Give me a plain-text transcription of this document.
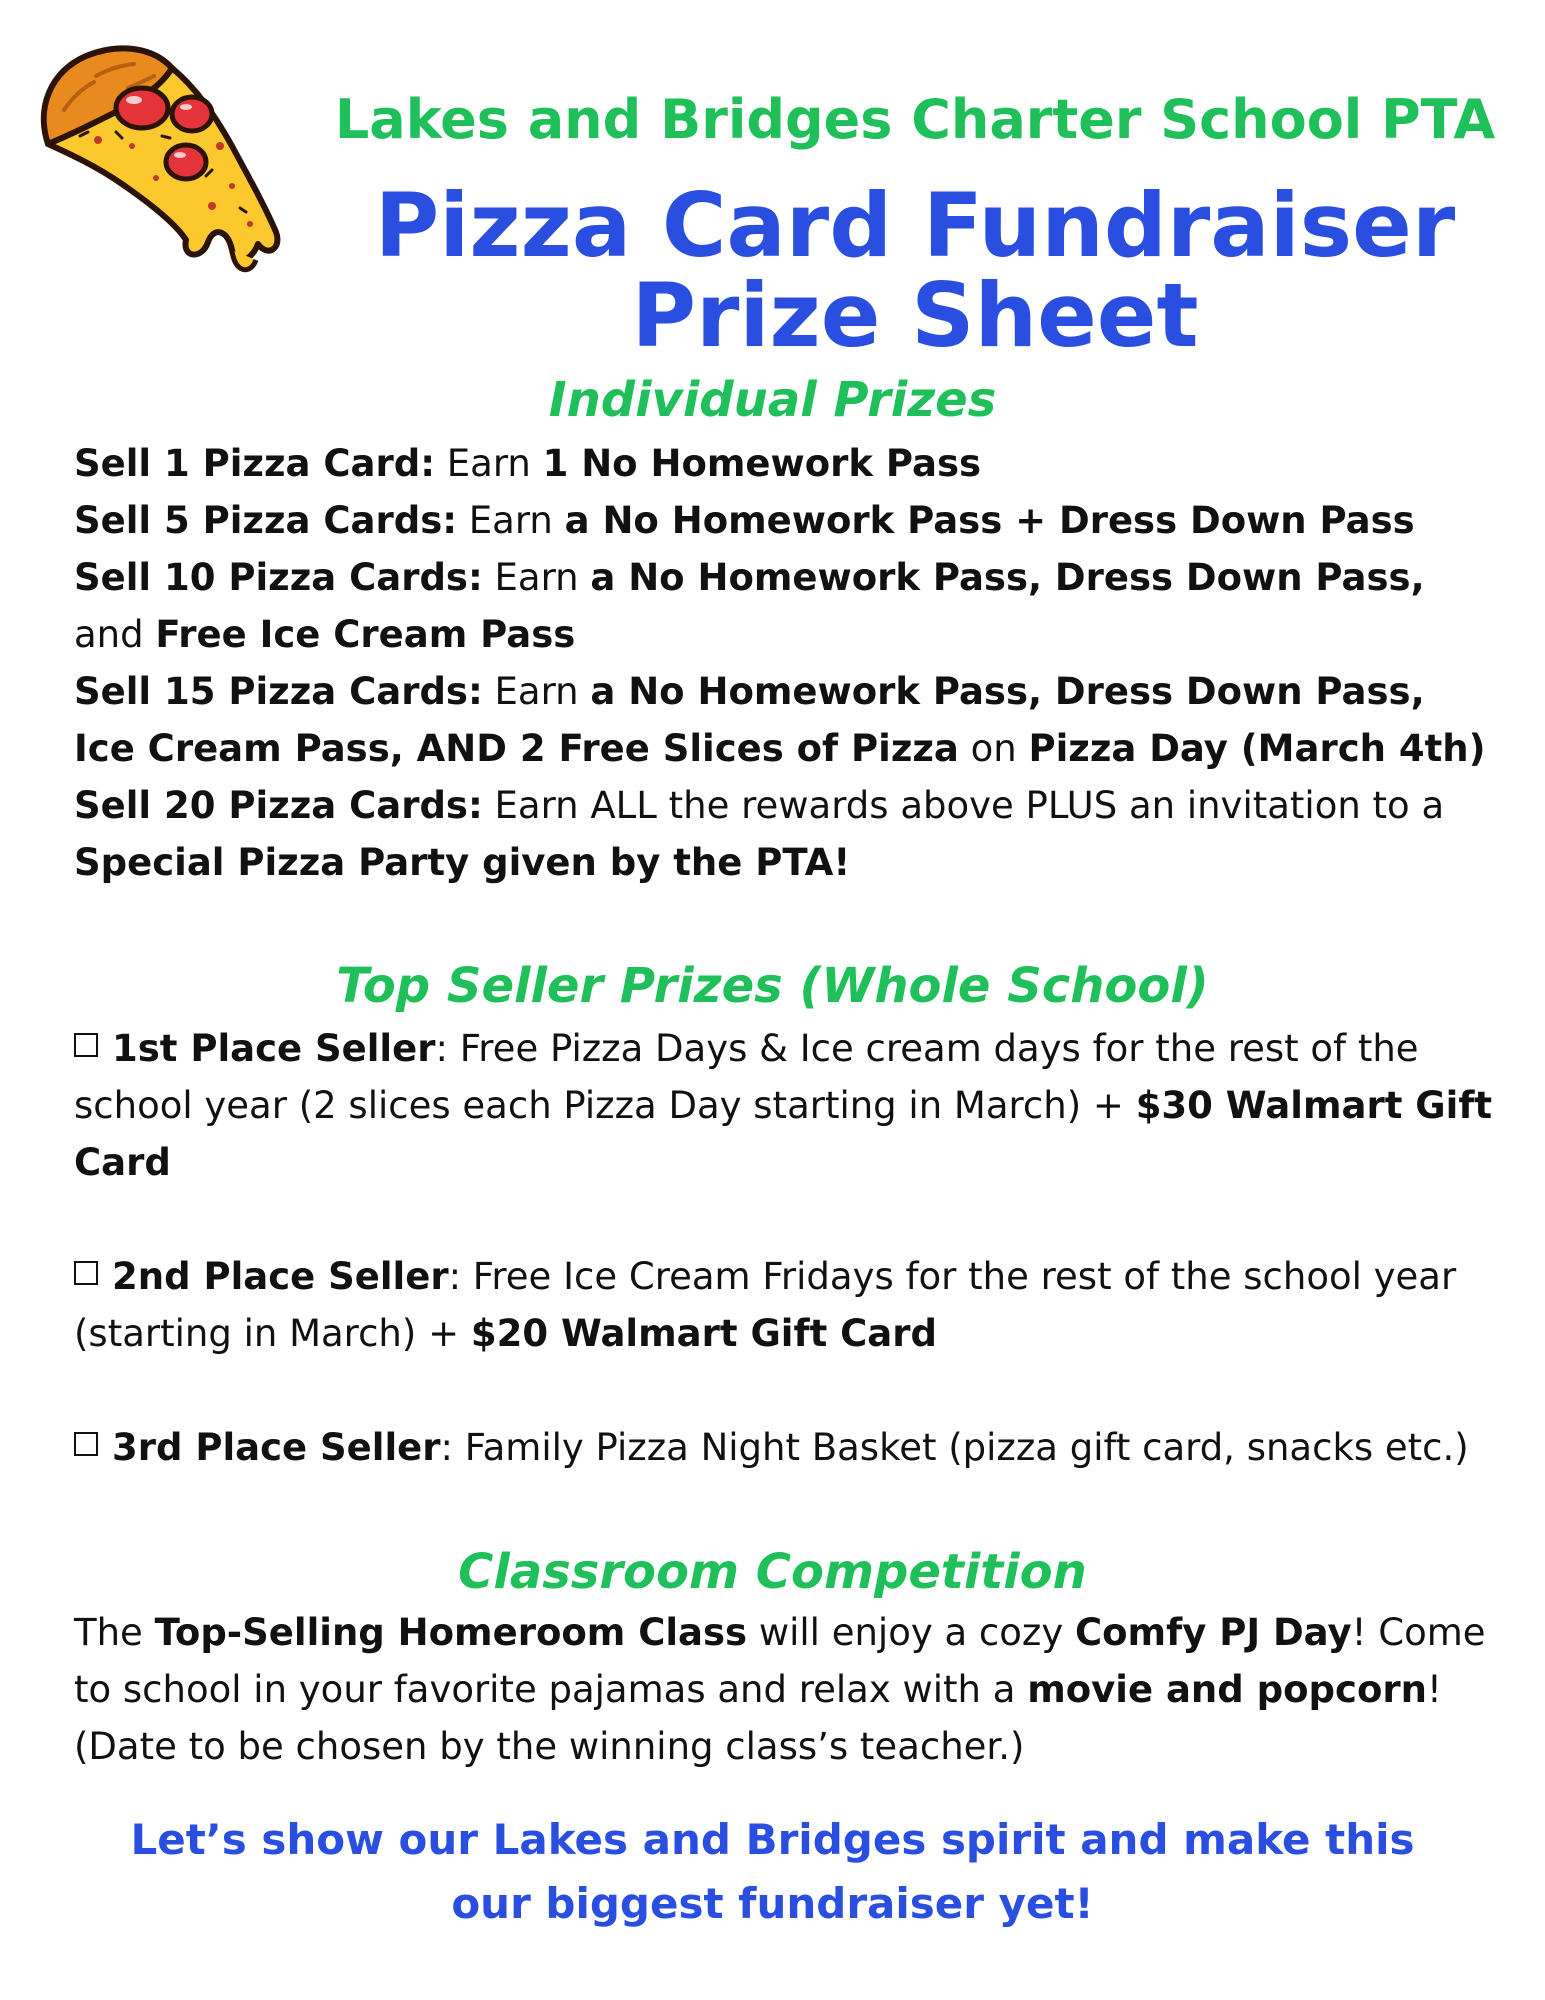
Lakes and Bridges Charter School PTA
Pizza Card Fundraiser
Prize Sheet
Individual Prizes

Sell 1 Pizza Card: Earn 1 No Homework Pass

Sell 5 Pizza Cards: Earn a No Homework Pass + Dress Down Pass

Sell 10 Pizza Cards: Earn a No Homework Pass, Dress Down Pass, and Free Ice Cream Pass

Sell 15 Pizza Cards: Earn a No Homework Pass, Dress Down Pass, Ice Cream Pass, AND 2 Free Slices of Pizza on Pizza Day (March 4th)

Sell 20 Pizza Cards: Earn ALL the rewards above PLUS an invitation to a Special Pizza Party given by the PTA!

Top Seller Prizes (Whole School)

1st Place Seller: Free Pizza Days & Ice cream days for the rest of the school year (2 slices each Pizza Day starting in March) + $30 Walmart Gift Card

2nd Place Seller: Free Ice Cream Fridays for the rest of the school year (starting in March) + $20 Walmart Gift Card

3rd Place Seller: Family Pizza Night Basket (pizza gift card, snacks etc.)

Classroom Competition

The Top-Selling Homeroom Class will enjoy a cozy Comfy PJ Day! Come to school in your favorite pajamas and relax with a movie and popcorn! (Date to be chosen by the winning class’s teacher.)

Let’s show our Lakes and Bridges spirit and make this our biggest fundraiser yet!
